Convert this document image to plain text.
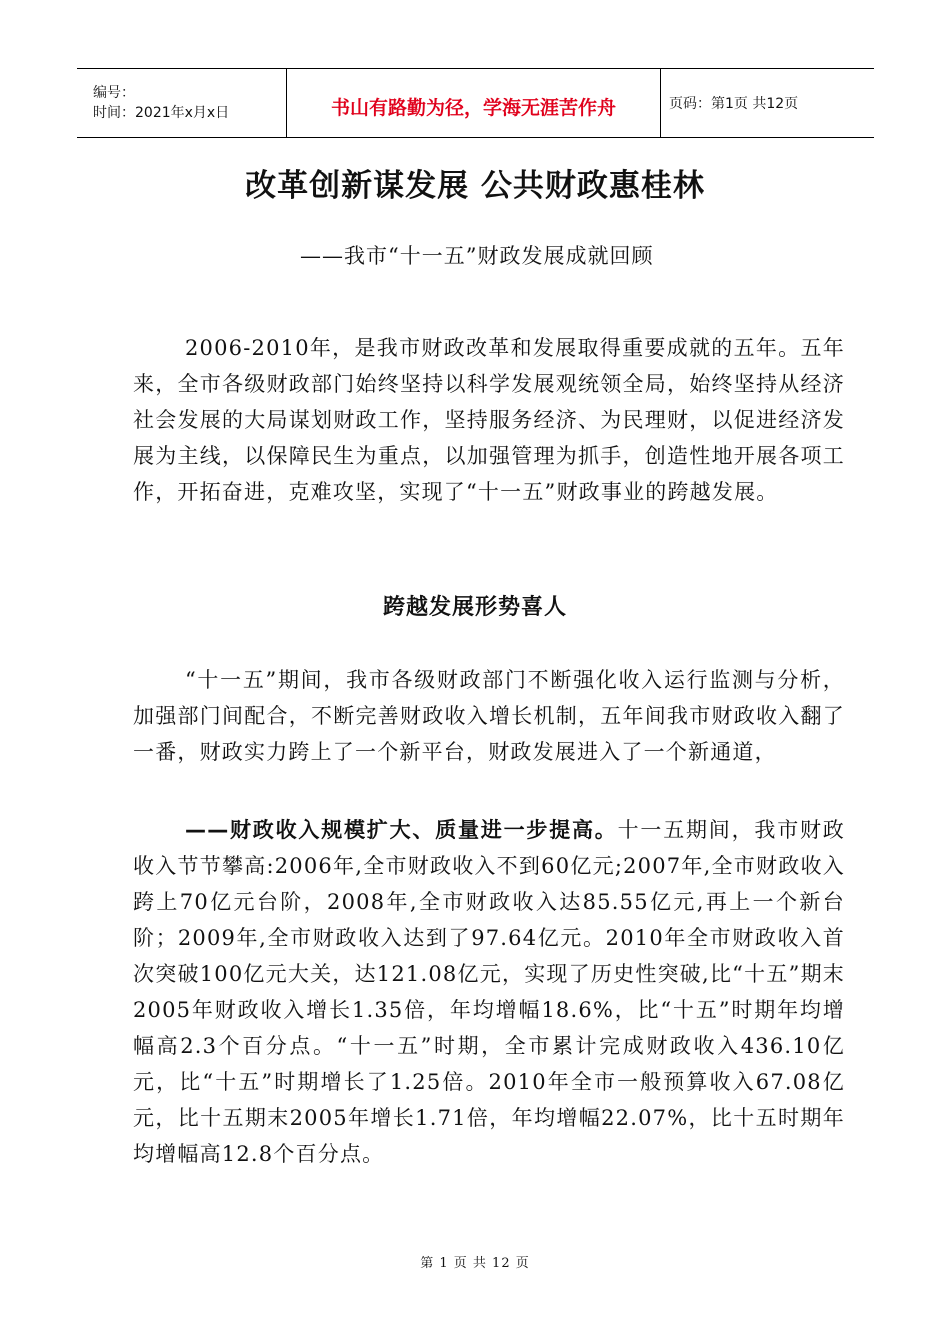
编号：
时间：2021年x月x日	书山有路勤为径，学海无涯苦作舟	页码：第1页 共12页
改革创新谋发展 公共财政惠桂林
——我市“十一五”财政发展成就回顾

2006-2010年，是我市财政改革和发展取得重要成就的五年。五年来，全市各级财政部门始终坚持以科学发展观统领全局，始终坚持从经济社会发展的大局谋划财政工作，坚持服务经济、为民理财，以促进经济发展为主线，以保障民生为重点，以加强管理为抓手，创造性地开展各项工作，开拓奋进，克难攻坚，实现了“十一五”财政事业的跨越发展。

跨越发展形势喜人

“十一五”期间，我市各级财政部门不断强化收入运行监测与分析，加强部门间配合，不断完善财政收入增长机制，五年间我市财政收入翻了一番，财政实力跨上了一个新平台，财政发展进入了一个新通道，

——财政收入规模扩大、质量进一步提高。十一五期间，我市财政收入节节攀高:2006年,全市财政收入不到60亿元;2007年,全市财政收入跨上70亿元台阶，2008年,全市财政收入达85.55亿元,再上一个新台阶；2009年,全市财政收入达到了97.64亿元。2010年全市财政收入首次突破100亿元大关，达121.08亿元，实现了历史性突破,比“十五”期末2005年财政收入增长1.35倍，年均增幅18.6%，比“十五”时期年均增幅高2.3个百分点。“十一五”时期，全市累计完成财政收入436.10亿元，比“十五”时期增长了1.25倍。2010年全市一般预算收入67.08亿元，比十五期末2005年增长1.71倍，年均增幅22.07%，比十五时期年均增幅高12.8个百分点。

第 1 页 共 12 页
